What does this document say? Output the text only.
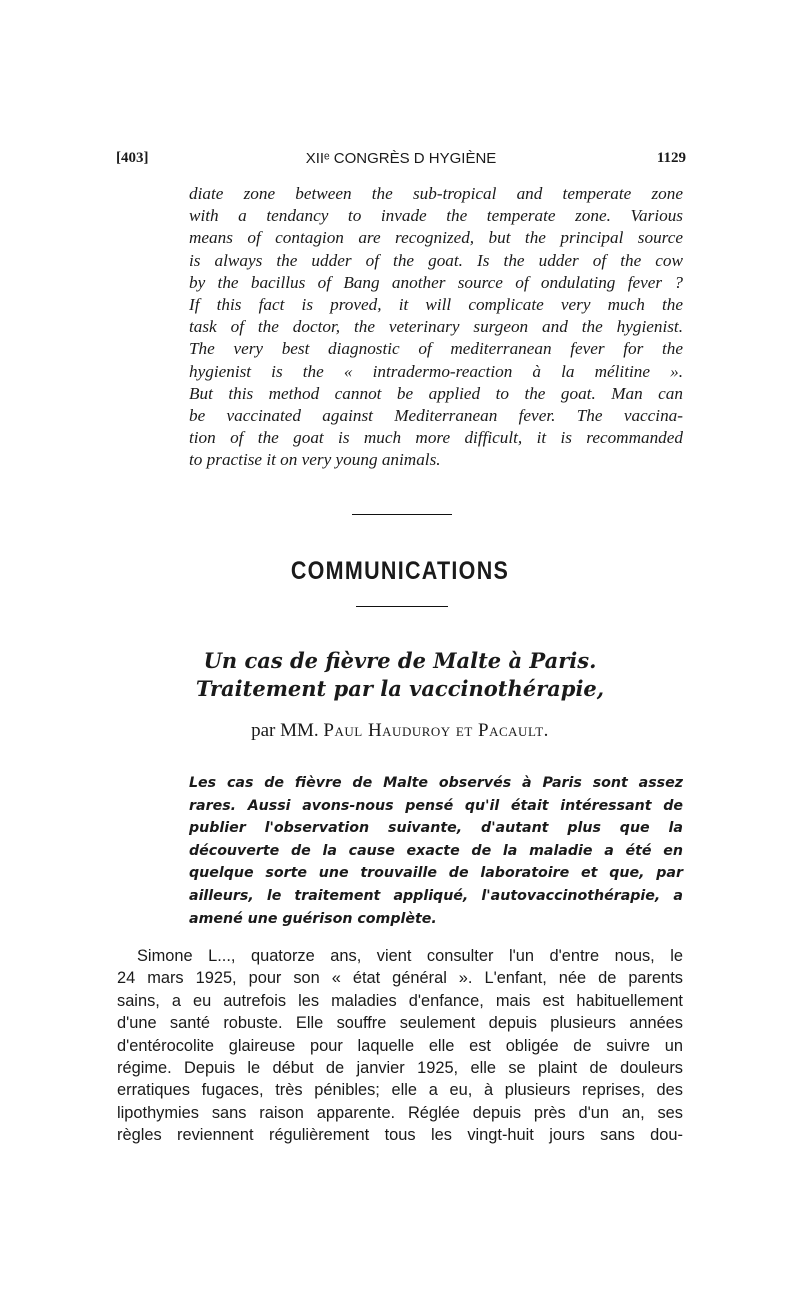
[403]	XIIᵉ CONGRÈS D HYGIÈNE	1129
diate zone between the sub-tropical and temperate zone
with a tendancy to invade the temperate zone. Various
means of contagion are recognized, but the principal source
is always the udder of the goat. Is the udder of the cow
by the bacillus of Bang another source of ondulating fever ?
If this fact is proved, it will complicate very much the
task of the doctor, the veterinary surgeon and the hygienist.
The very best diagnostic of mediterranean fever for the
hygienist is the « intradermo-reaction à la mélitine ».
But this method cannot be applied to the goat. Man can
be vaccinated against Mediterranean fever. The vaccina-
tion of the goat is much more difficult, it is recommanded
to practise it on very young animals.
COMMUNICATIONS
Un cas de fièvre de Malte à Paris.
Traitement par la vaccinothérapie,
par MM. Paul Hauduroy et Pacault.
Les cas de fièvre de Malte observés à Paris sont assez
rares. Aussi avons-nous pensé qu'il était intéressant de
publier l'observation suivante, d'autant plus que la
découverte de la cause exacte de la maladie a été en
quelque sorte une trouvaille de laboratoire et que, par
ailleurs, le traitement appliqué, l'autovaccinothérapie, a
amené une guérison complète.
Simone L..., quatorze ans, vient consulter l'un d'entre nous, le
24 mars 1925, pour son « état général ». L'enfant, née de parents
sains, a eu autrefois les maladies d'enfance, mais est habituellement
d'une santé robuste. Elle souffre seulement depuis plusieurs années
d'entérocolite glaireuse pour laquelle elle est obligée de suivre un
régime. Depuis le début de janvier 1925, elle se plaint de douleurs
erratiques fugaces, très pénibles; elle a eu, à plusieurs reprises, des
lipothymies sans raison apparente. Réglée depuis près d'un an, ses
règles reviennent régulièrement tous les vingt-huit jours sans dou-
